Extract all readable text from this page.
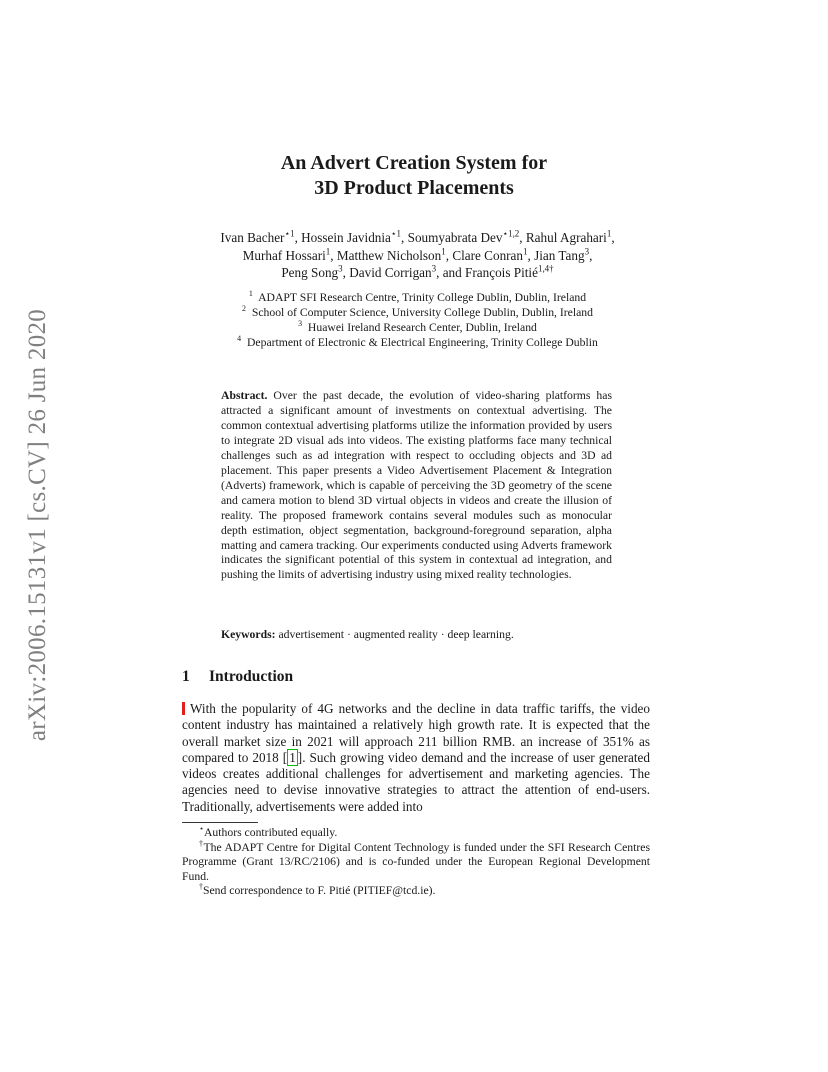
arXiv:2006.15131v1 [cs.CV] 26 Jun 2020
An Advert Creation System for
3D Product Placements
Ivan Bacher$^{⋆1}$, Hossein Javidnia$^{⋆1}$, Soumyabrata Dev$^{⋆1,2}$, Rahul Agrahari$^1$,
Murhaf Hossari$^1$, Matthew Nicholson$^1$, Clare Conran$^1$, Jian Tang$^3$,
Peng Song$^3$, David Corrigan$^3$, and François Pitié$^{1,4\dagger}$
$^1$ ADAPT SFI Research Centre, Trinity College Dublin, Dublin, Ireland
$^2$ School of Computer Science, University College Dublin, Dublin, Ireland
$^3$ Huawei Ireland Research Center, Dublin, Ireland
$^4$ Department of Electronic & Electrical Engineering, Trinity College Dublin
Abstract. Over the past decade, the evolution of video-sharing platforms has attracted a significant amount of investments on contextual advertising. The common contextual advertising platforms utilize the information provided by users to integrate 2D visual ads into videos. The existing platforms face many technical challenges such as ad integration with respect to occluding objects and 3D ad placement. This paper presents a Video Advertisement Placement & Integration (Adverts) framework, which is capable of perceiving the 3D geometry of the scene and camera motion to blend 3D virtual objects in videos and create the illusion of reality. The proposed framework contains several modules such as monocular depth estimation, object segmentation, background-foreground separation, alpha matting and camera tracking. Our experiments conducted using Adverts framework indicates the significant potential of this system in contextual ad integration, and pushing the limits of advertising industry using mixed reality technologies.
Keywords: advertisement · augmented reality · deep learning.
1 Introduction
With the popularity of 4G networks and the decline in data traffic tariffs, the video content industry has maintained a relatively high growth rate. It is expected that the overall market size in 2021 will approach 211 billion RMB. an increase of 351% as compared to 2018 [ 1 ]. Such growing video demand and the increase of user generated videos creates additional challenges for advertisement and marketing agencies. The agencies need to devise innovative strategies to attract the attention of end-users. Traditionally, advertisements were added into

⋆Authors contributed equally.

†The ADAPT Centre for Digital Content Technology is funded under the SFI Research Centres Programme (Grant 13/RC/2106) and is co-funded under the European Regional Development Fund.

†Send correspondence to F. Pitié (PITIEF@tcd.ie).
